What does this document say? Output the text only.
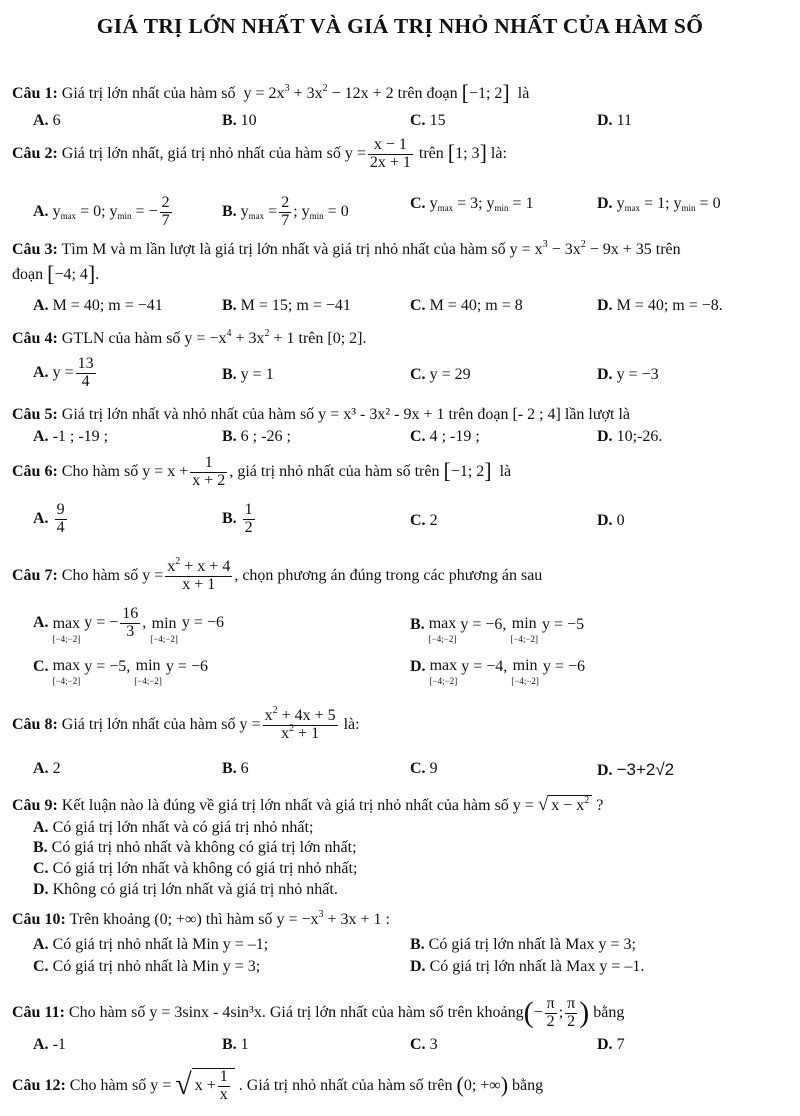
GIÁ TRỊ LỚN NHẤT VÀ GIÁ TRỊ NHỎ NHẤT CỦA HÀM SỐ
Câu 1: Giá trị lớn nhất của hàm số  $y = 2x^3 + 3x^2 - 12x + 2$ trên đoạn [−1; 2]  là
A. 6	B. 10	C. 15	D. 11
Câu 2: Giá trị lớn nhất, giá trị nhỏ nhất của hàm số $y = \frac{x - 1}{2x + 1}$ trên [1; 3] là:
A. $y_{max} = 0$; $y_{min}$ = − $\frac{2}{7}$	B. $y_{max} = \frac{2}{7}$ ; $y_{min} = 0$	C. $y_{max} = 3$; $y_{min} = 1$	D. $y_{max} = 1$; $y_{min} = 0$
Câu 3: Tìm M và m lần lượt là giá trị lớn nhất và giá trị nhỏ nhất của hàm số $y = x^3 - 3x^2 - 9x + 35$ trên
đoạn [−4; 4].
A. M = 40; m = −41	B. M = 15; m = −41	C. M = 40; m = 8	D. M = 40; m = −8.
Câu 4: GTLN của hàm số $y = -x^4 + 3x^2 + 1$ trên [0; 2].
A. $y = \frac{13}{4}$	B. y = 1	C. y = 29	D. y = −3
Câu 5: Giá trị lớn nhất và nhỏ nhất của hàm số y = x³ - 3x² - 9x + 1 trên đoạn [- 2 ; 4] lần lượt là
A. -1 ; -19 ;	B. 6 ; -26 ;	C. 4 ; -19 ;	D. 10;-26.
Câu 6: Cho hàm số $y = x + \frac{1}{x + 2}$ , giá trị nhỏ nhất của hàm số trên [−1; 2]  là
A. $\frac{9}{4}$	B. $\frac{1}{2}$	C. 2	D. 0
Câu 7: Cho hàm số $y = \frac{x^2 + x + 4}{x + 1}$ , chọn phương án đúng trong các phương án sau
A. max
[−4;−2]
y = − $\frac{16}{3}$ , min
[−4;−2]
y = −6	B. max
[−4;−2]
y = −6, min
[−4;−2]
y = −5
C. max
[−4;−2]
y = −5, min
[−4;−2]
y = −6	D. max
[−4;−2]
y = −4, min
[−4;−2]
y = −6
Câu 8: Giá trị lớn nhất của hàm số $y = \frac{x^2 + 4x + 5}{x^2 + 1}$ là:
A. 2	B. 6	C. 9	D. −3+2√2
Câu 9: Kết luận nào là đúng về giá trị lớn nhất và giá trị nhỏ nhất của hàm số y = √ $x - x^2$ ?
A. Có giá trị lớn nhất và có giá trị nhỏ nhất;
B. Có giá trị nhỏ nhất và không có giá trị lớn nhất;
C. Có giá trị lớn nhất và không có giá trị nhỏ nhất;
D. Không có giá trị lớn nhất và giá trị nhỏ nhất.
Câu 10: Trên khoảng (0; +∞) thì hàm số $y = -x^3 + 3x + 1$ :
A. Có giá trị nhỏ nhất là Min y = –1;	B. Có giá trị lớn nhất là Max y = 3;
C. Có giá trị nhỏ nhất là Min y = 3;	D. Có giá trị lớn nhất là Max y = –1.
Câu 11: Cho hàm số y = 3sinx - 4sin³x. Giá trị lớn nhất của hàm số trên khoảng(− $\frac{\pi}{2}$ ; $\frac{\pi}{2}$ ) bằng
A. -1	B. 1	C. 3	D. 7
Câu 12: Cho hàm số y = √ $x + \frac{1}{x}$ . Giá trị nhỏ nhất của hàm số trên (0; +∞) bằng
